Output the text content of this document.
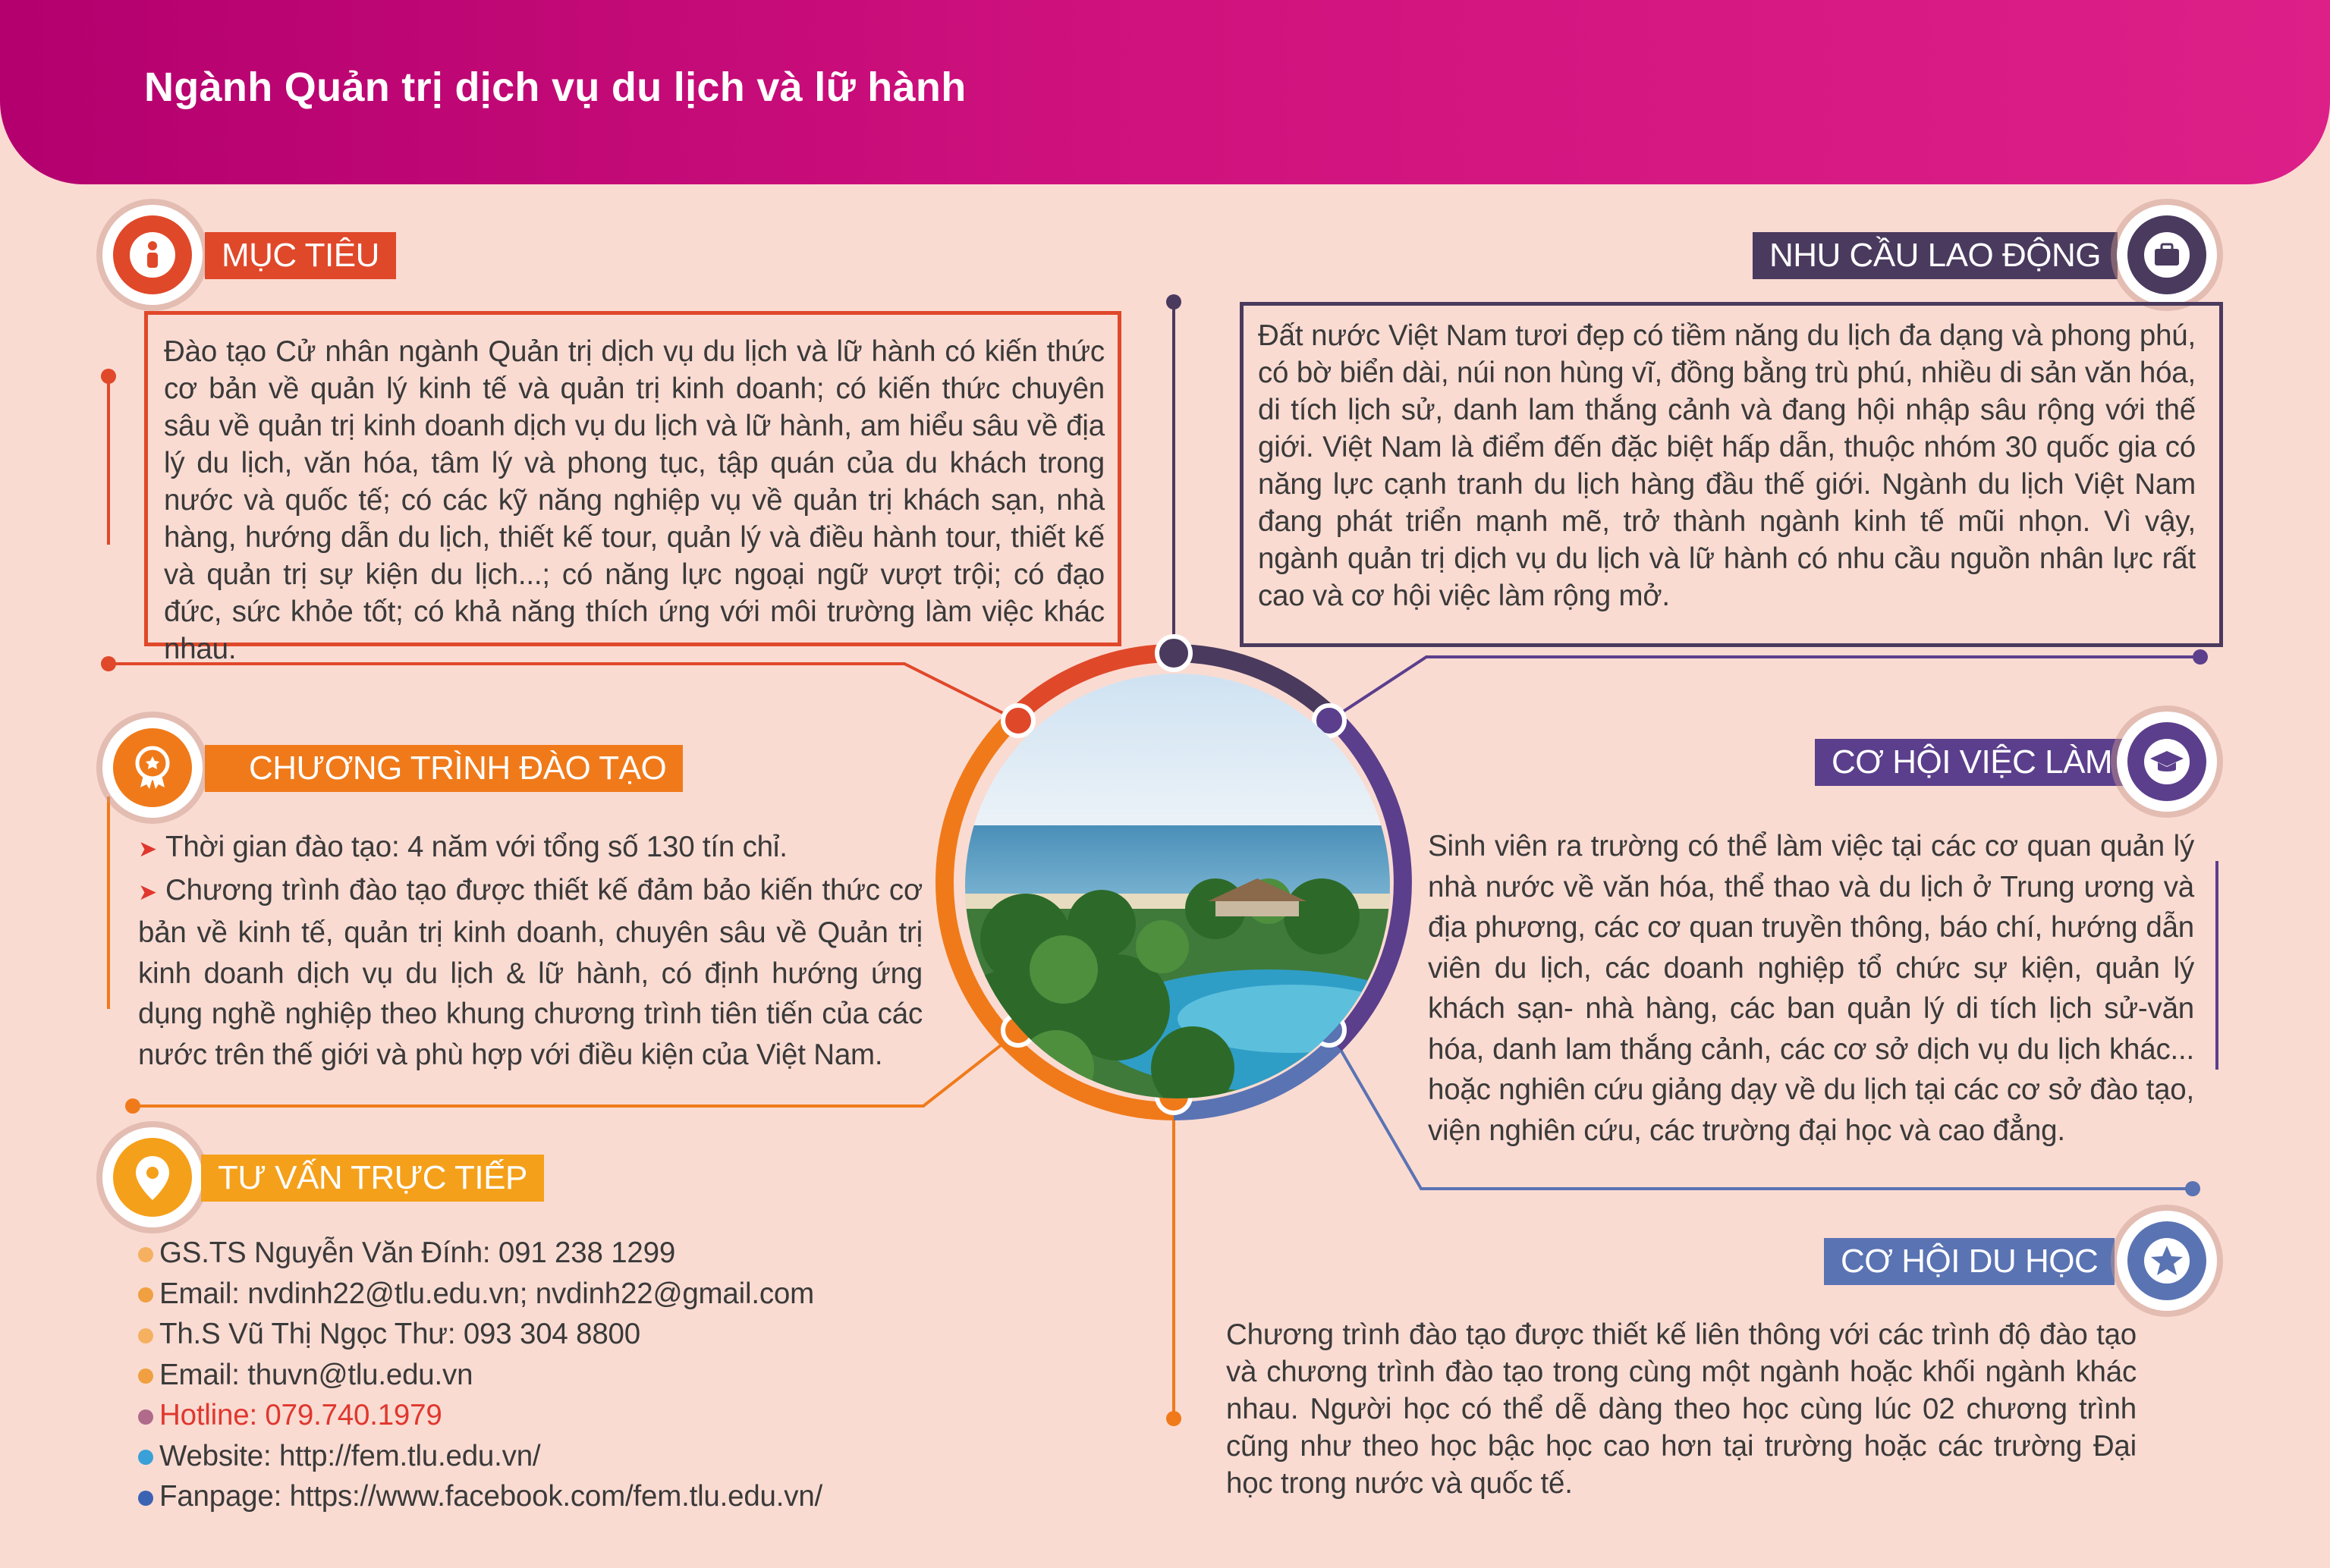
Ngành Quản trị dịch vụ du lịch và lữ hành
MỤC TIÊU
Đào tạo Cử nhân ngành Quản trị dịch vụ du lịch và lữ hành có kiến thức cơ bản về quản lý kinh tế và quản trị kinh doanh; có kiến thức chuyên sâu về quản trị kinh doanh dịch vụ du lịch và lữ hành, am hiểu sâu về địa lý du lịch, văn hóa, tâm lý và phong tục, tập quán của du khách trong nước và quốc tế; có các kỹ năng nghiệp vụ về quản trị khách sạn, nhà hàng, hướng dẫn du lịch, thiết kế tour, quản lý và điều hành tour, thiết kế và quản trị sự kiện du lịch...; có năng lực ngoại ngữ vượt trội; có đạo đức, sức khỏe tốt; có khả năng thích ứng với môi trường làm việc khác nhau.
NHU CẦU LAO ĐỘNG
Đất nước Việt Nam tươi đẹp có tiềm năng du lịch đa dạng và phong phú, có bờ biển dài, núi non hùng vĩ, đồng bằng trù phú, nhiều di sản văn hóa, di tích lịch sử, danh lam thắng cảnh và đang hội nhập sâu rộng với thế giới. Việt Nam là điểm đến đặc biệt hấp dẫn, thuộc nhóm 30 quốc gia có năng lực cạnh tranh du lịch hàng đầu thế giới. Ngành du lịch Việt Nam đang phát triển mạnh mẽ, trở thành ngành kinh tế mũi nhọn. Vì vậy, ngành quản trị dịch vụ du lịch và lữ hành có nhu cầu nguồn nhân lực rất cao và cơ hội việc làm rộng mở.
CHƯƠNG TRÌNH ĐÀO TẠO
➤ Thời gian đào tạo: 4 năm với tổng số 130 tín chỉ.
➤ Chương trình đào tạo được thiết kế đảm bảo kiến thức cơ bản về kinh tế, quản trị kinh doanh, chuyên sâu về Quản trị kinh doanh dịch vụ du lịch & lữ hành, có định hướng ứng dụng nghề nghiệp theo khung chương trình tiên tiến của các nước trên thế giới và phù hợp với điều kiện của Việt Nam.
CƠ HỘI VIỆC LÀM
Sinh viên ra trường có thể làm việc tại các cơ quan quản lý nhà nước về văn hóa, thể thao và du lịch ở Trung ương và địa phương, các cơ quan truyền thông, báo chí, hướng dẫn viên du lịch, các doanh nghiệp tổ chức sự kiện, quản lý khách sạn- nhà hàng, các ban quản lý di tích lịch sử-văn hóa, danh lam thắng cảnh, các cơ sở dịch vụ du lịch khác... hoặc nghiên cứu giảng dạy về du lịch tại các cơ sở đào tạo, viện nghiên cứu, các trường đại học và cao đẳng.
TƯ VẤN TRỰC TIẾP
GS.TS Nguyễn Văn Đính: 091 238 1299
Email: nvdinh22@tlu.edu.vn; nvdinh22@gmail.com
Th.S Vũ Thị Ngọc Thư: 093 304 8800
Email: thuvn@tlu.edu.vn
Hotline: 079.740.1979
Website: http://fem.tlu.edu.vn/
Fanpage: https://www.facebook.com/fem.tlu.edu.vn/
CƠ HỘI DU HỌC
Chương trình đào tạo được thiết kế liên thông với các trình độ đào tạo và chương trình đào tạo trong cùng một ngành hoặc khối ngành khác nhau. Người học có thể dễ dàng theo học cùng lúc 02 chương trình cũng như theo học bậc học cao hơn tại trường hoặc các trường Đại học trong nước và quốc tế.
